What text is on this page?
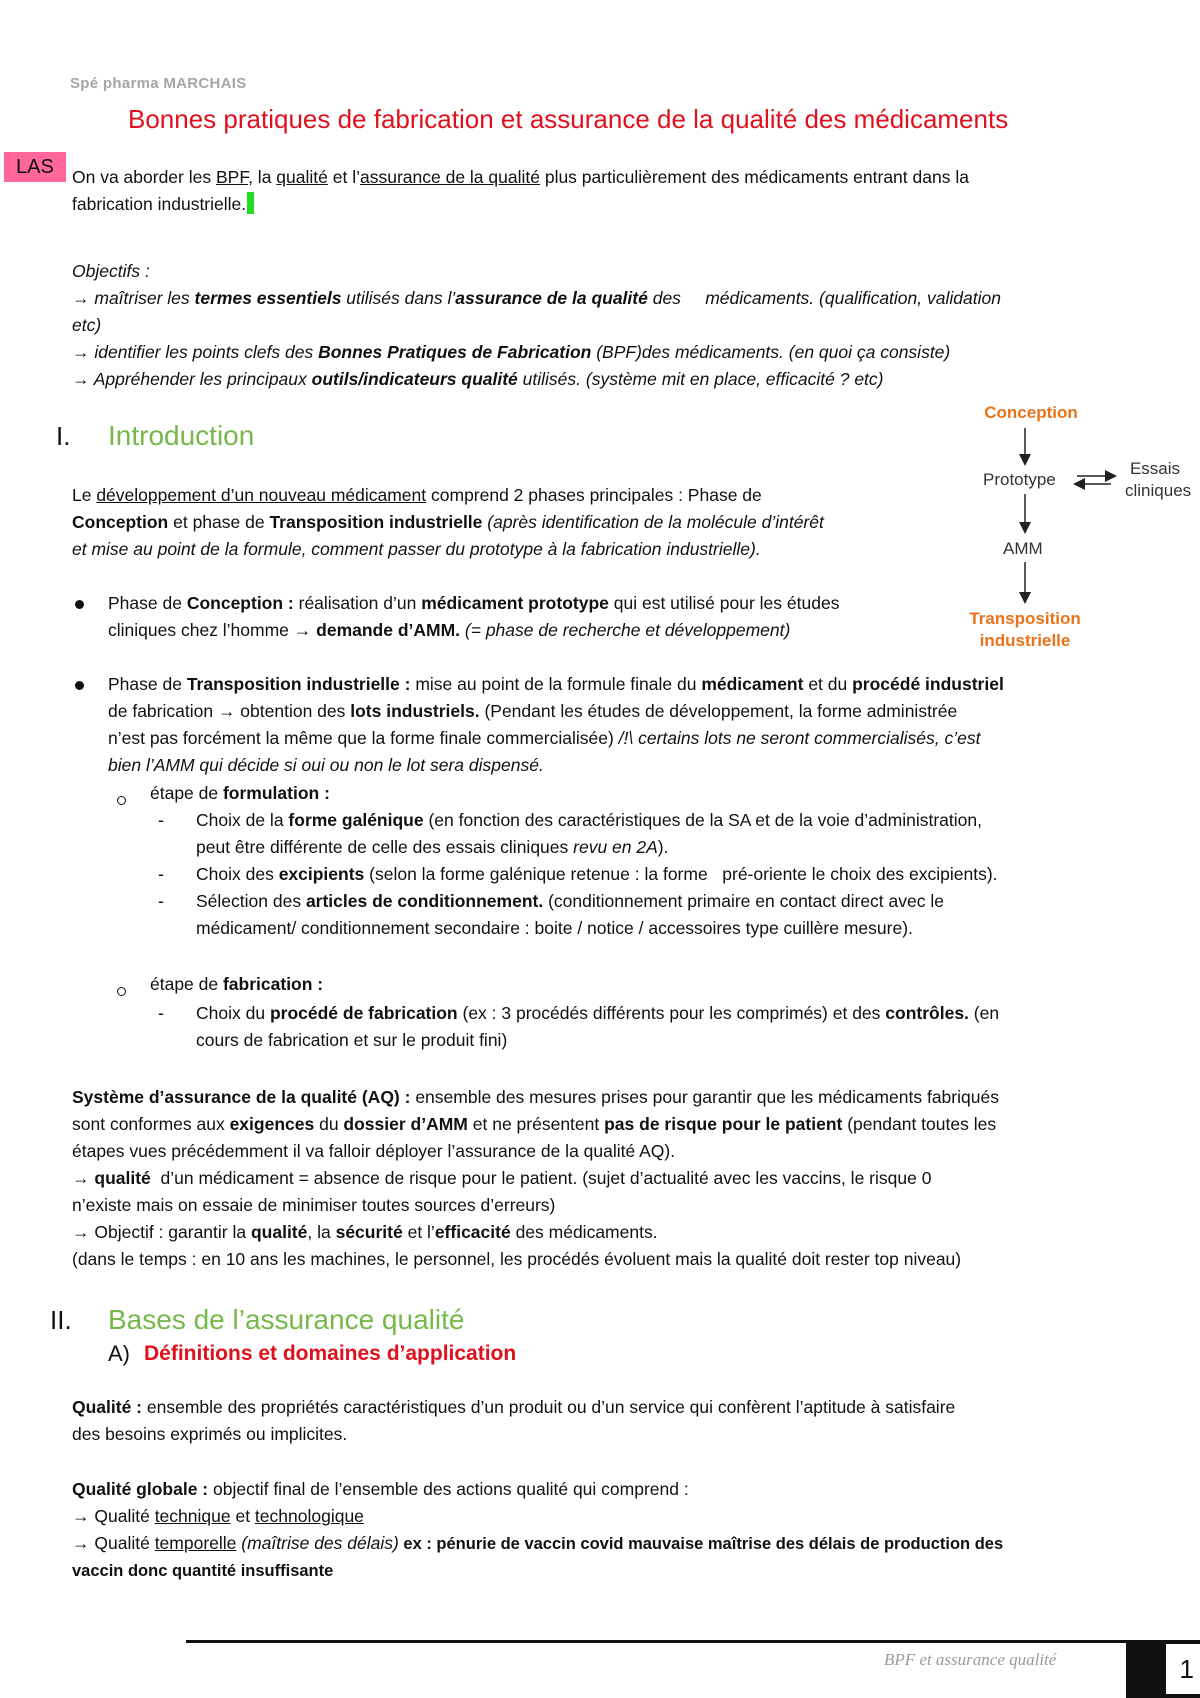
Spé pharma MARCHAIS
Bonnes pratiques de fabrication et assurance de la qualité des médicaments
LAS	On va aborder les BPF, la qualité et l’assurance de la qualité plus particulièrement des médicaments entrant dans la
fabrication industrielle.
Objectifs :
→ maîtriser les termes essentiels utilisés dans l’assurance de la qualité des     médicaments. (qualification, validation
etc)
→ identifier les points clefs des Bonnes Pratiques de Fabrication (BPF)des médicaments. (en quoi ça consiste)
→ Appréhender les principaux outils/indicateurs qualité utilisés. (système mit en place, efficacité ? etc)
I. Introduction
Conception
Prototype
Essais
cliniques
AMM
Transposition
industrielle
Le développement d’un nouveau médicament comprend 2 phases principales : Phase de
Conception et phase de Transposition industrielle (après identification de la molécule d’intérêt
et mise au point de la formule, comment passer du prototype à la fabrication industrielle).
Phase de Conception : réalisation d’un médicament prototype qui est utilisé pour les études
cliniques chez l’homme → demande d’AMM. (= phase de recherche et développement)
Phase de Transposition industrielle : mise au point de la formule finale du médicament et du procédé industriel
de fabrication → obtention des lots industriels. (Pendant les études de développement, la forme administrée
n’est pas forcément la même que la forme finale commercialisée) /!\ certains lots ne seront commercialisés, c’est
bien l’AMM qui décide si oui ou non le lot sera dispensé.
étape de formulation :
- Choix de la forme galénique (en fonction des caractéristiques de la SA et de la voie d’administration,
peut être différente de celle des essais cliniques revu en 2A).
- Choix des excipients (selon la forme galénique retenue : la forme   pré-oriente le choix des excipients).
- Sélection des articles de conditionnement. (conditionnement primaire en contact direct avec le
médicament/ conditionnement secondaire : boite / notice / accessoires type cuillère mesure).
étape de fabrication :
- Choix du procédé de fabrication (ex : 3 procédés différents pour les comprimés) et des contrôles. (en
cours de fabrication et sur le produit fini)
Système d’assurance de la qualité (AQ) : ensemble des mesures prises pour garantir que les médicaments fabriqués
sont conformes aux exigences du dossier d’AMM et ne présentent pas de risque pour le patient (pendant toutes les
étapes vues précédemment il va falloir déployer l’assurance de la qualité AQ).
→ qualité  d’un médicament = absence de risque pour le patient. (sujet d’actualité avec les vaccins, le risque 0
n’existe mais on essaie de minimiser toutes sources d’erreurs)
→ Objectif : garantir la qualité, la sécurité et l’efficacité des médicaments.
(dans le temps : en 10 ans les machines, le personnel, les procédés évoluent mais la qualité doit rester top niveau)
II. Bases de l’assurance qualité
A) Définitions et domaines d’application
Qualité : ensemble des propriétés caractéristiques d’un produit ou d’un service qui confèrent l’aptitude à satisfaire
des besoins exprimés ou implicites.
Qualité globale : objectif final de l’ensemble des actions qualité qui comprend :
→ Qualité technique et technologique
→ Qualité temporelle (maîtrise des délais) ex : pénurie de vaccin covid mauvaise maîtrise des délais de production des
vaccin donc quantité insuffisante
BPF et assurance qualité	1
